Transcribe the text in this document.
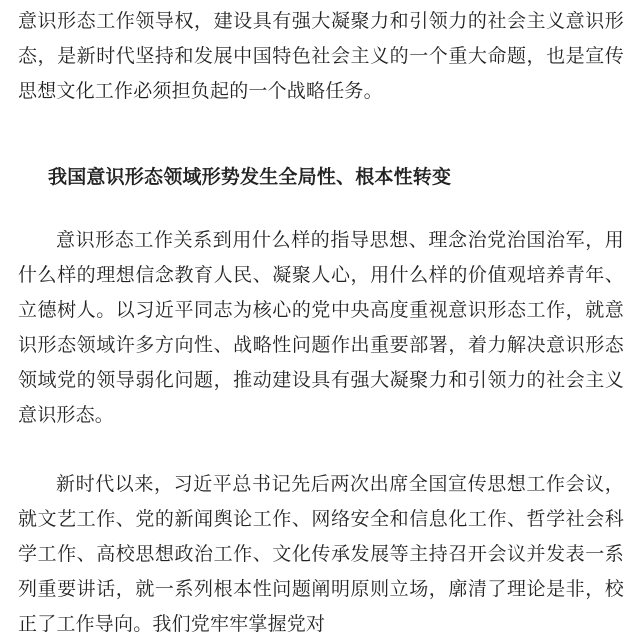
意识形态工作领导权，建设具有强大凝聚力和引领力的社会主义意识形态，是新时代坚持和发展中国特色社会主义的一个重大命题，也是宣传思想文化工作必须担负起的一个战略任务。

我国意识形态领域形势发生全局性、根本性转变

意识形态工作关系到用什么样的指导思想、理念治党治国治军，用什么样的理想信念教育人民、凝聚人心，用什么样的价值观培养青年、立德树人。以习近平同志为核心的党中央高度重视意识形态工作，就意识形态领域许多方向性、战略性问题作出重要部署，着力解决意识形态领域党的领导弱化问题，推动建设具有强大凝聚力和引领力的社会主义意识形态。

新时代以来，习近平总书记先后两次出席全国宣传思想工作会议，就文艺工作、党的新闻舆论工作、网络安全和信息化工作、哲学社会科学工作、高校思想政治工作、文化传承发展等主持召开会议并发表一系列重要讲话，就一系列根本性问题阐明原则立场，廓清了理论是非，校正了工作导向。我们党牢牢掌握党对
